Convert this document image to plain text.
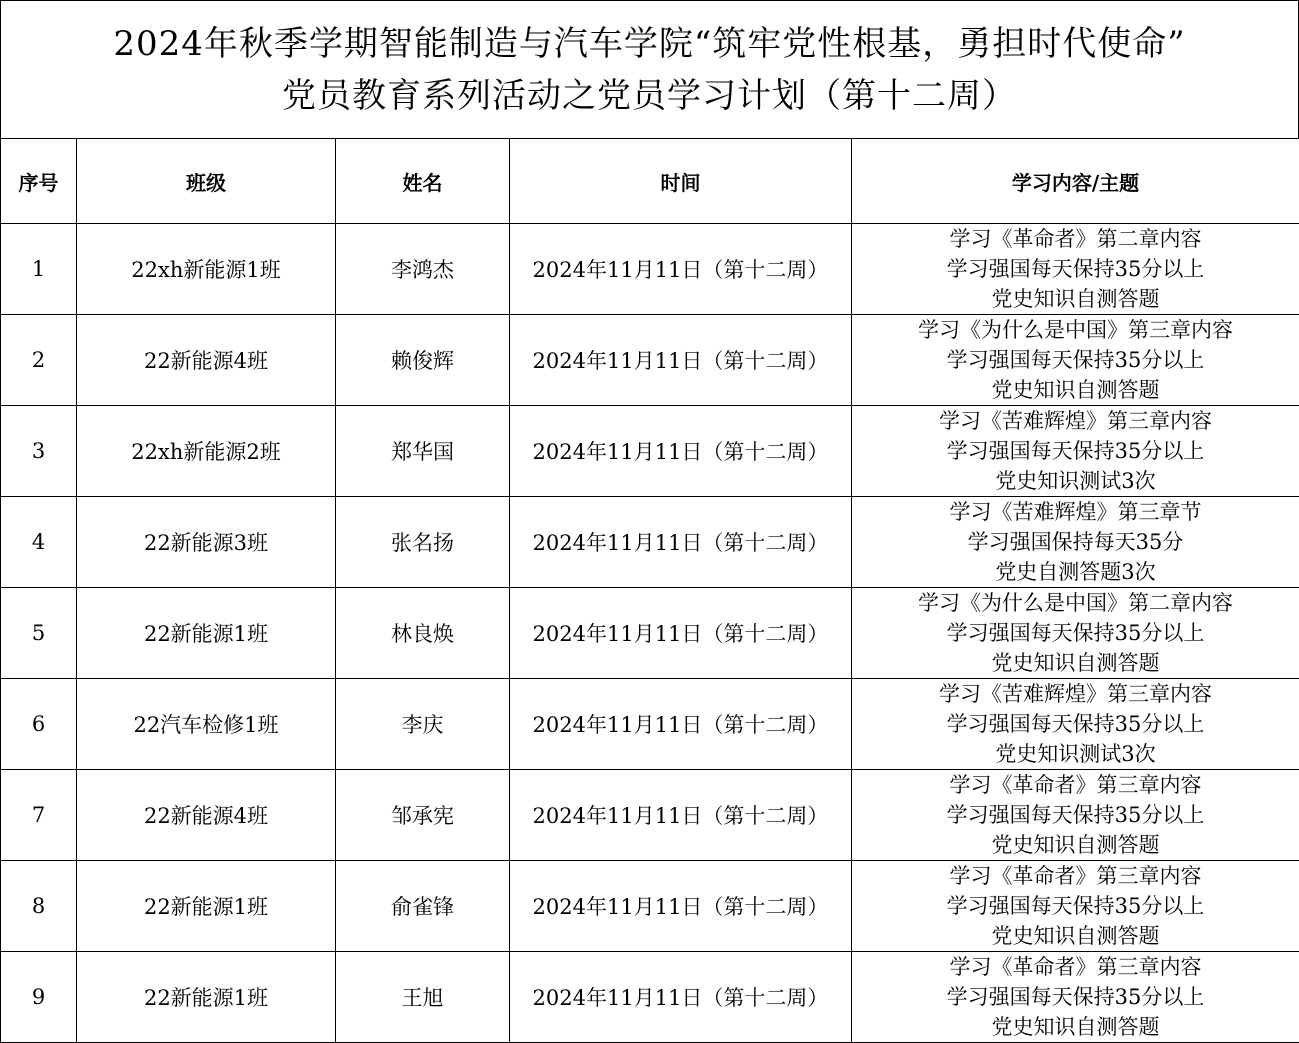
2024年秋季学期智能制造与汽车学院“筑牢党性根基，勇担时代使命”
党员教育系列活动之党员学习计划（第十二周）
序号	班级	姓名	时间	学习内容/主题
1	22xh新能源1班	李鸿杰	2024年11月11日（第十二周）	学习《革命者》第二章内容
学习强国每天保持35分以上
党史知识自测答题

2	22新能源4班	赖俊辉	2024年11月11日（第十二周）	学习《为什么是中国》第三章内容
学习强国每天保持35分以上
党史知识自测答题

3	22xh新能源2班	郑华国	2024年11月11日（第十二周）	学习《苦难辉煌》第三章内容
学习强国每天保持35分以上
党史知识测试3次

4	22新能源3班	张名扬	2024年11月11日（第十二周）	学习《苦难辉煌》第三章节
学习强国保持每天35分
党史自测答题3次

5	22新能源1班	林良焕	2024年11月11日（第十二周）	学习《为什么是中国》第二章内容
学习强国每天保持35分以上
党史知识自测答题

6	22汽车检修1班	李庆	2024年11月11日（第十二周）	学习《苦难辉煌》第三章内容
学习强国每天保持35分以上
党史知识测试3次

7	22新能源4班	邹承宪	2024年11月11日（第十二周）	学习《革命者》第三章内容
学习强国每天保持35分以上
党史知识自测答题

8	22新能源1班	俞雀锋	2024年11月11日（第十二周）	学习《革命者》第三章内容
学习强国每天保持35分以上
党史知识自测答题

9	22新能源1班	王旭	2024年11月11日（第十二周）	学习《革命者》第三章内容
学习强国每天保持35分以上
党史知识自测答题
